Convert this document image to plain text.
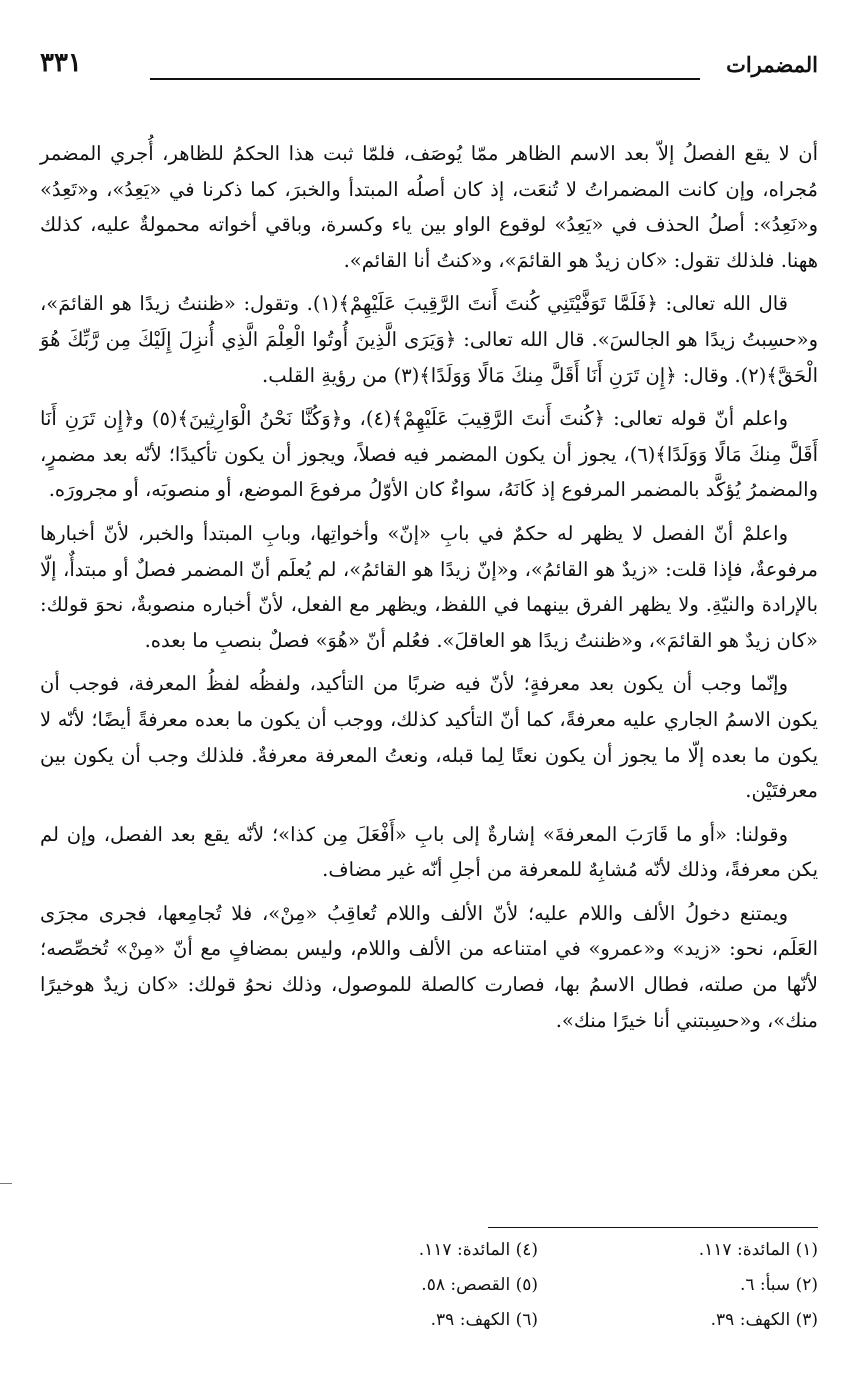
المضمرات
٣٣١

أن لا يقع الفصلُ إلاّ بعد الاسم الظاهر ممّا يُوصَف، فلمّا ثبت هذا الحكمُ للظاهر، أُجري المضمر مُجراه، وإن كانت المضمراتُ لا تُنعَت، إذ كان أصلُه المبتدأ والخبرَ، كما ذكرنا في «يَعِدُ»، و«تَعِدُ» و«نَعِدُ»: أصلُ الحذف في «يَعِدُ» لوقوع الواو بين ياء وكسرة، وباقي أخواته محمولةٌ عليه، كذلك ههنا. فلذلك تقول: «كان زيدٌ هو القائمَ»، و«كنتُ أنا القائم».

قال الله تعالى: ﴿فَلَمَّا تَوَفَّيْتَنِي كُنتَ أَنتَ الرَّقِيبَ عَلَيْهِمْ﴾(١). وتقول: «ظننتُ زيدًا هو القائمَ»، و«حسِبتُ زيدًا هو الجالسَ». قال الله تعالى: ﴿وَيَرَى الَّذِينَ أُوتُوا الْعِلْمَ الَّذِي أُنزِلَ إِلَيْكَ مِن رَّبِّكَ هُوَ الْحَقَّ﴾(٢). وقال: ﴿إِن تَرَنِ أَنَا أَقَلَّ مِنكَ مَالًا وَوَلَدًا﴾(٣) من رؤيةِ القلب.

واعلم أنّ قوله تعالى: ﴿كُنتَ أَنتَ الرَّقِيبَ عَلَيْهِمْ﴾(٤)، و﴿وَكُنَّا نَحْنُ الْوَارِثِينَ﴾(٥) و﴿إِن تَرَنِ أَنَا أَقَلَّ مِنكَ مَالًا وَوَلَدًا﴾(٦)، يجوز أن يكون المضمر فيه فصلاً، ويجوز أن يكون تأكيدًا؛ لأنّه بعد مضمرٍ، والمضمرُ يُؤكَّد بالمضمر المرفوع إذ كَانَهُ، سواءٌ كان الأوّلُ مرفوعَ الموضع، أو منصوبَه، أو مجرورَه.

واعلمْ أنّ الفصل لا يظهر له حكمٌ في بابِ «إنّ» وأخواتِها، وبابِ المبتدأ والخبر، لأنّ أخبارها مرفوعةٌ، فإذا قلت: «زيدٌ هو القائمُ»، و«إنّ زيدًا هو القائمُ»، لم يُعلَم أنّ المضمر فصلٌ أو مبتدأٌ، إلّا بالإرادة والنيّةِ. ولا يظهر الفرق بينهما في اللفظ، ويظهر مع الفعل، لأنّ أخباره منصوبةٌ، نحوَ قولك: «كان زيدٌ هو القائمَ»، و«ظننتُ زيدًا هو العاقلَ». فعُلم أنّ «هُوَ» فصلٌ بنصبِ ما بعده.

وإنّما وجب أن يكون بعد معرفةٍ؛ لأنّ فيه ضربًا من التأكيد، ولفظُه لفظُ المعرفة، فوجب أن يكون الاسمُ الجاري عليه معرفةً، كما أنّ التأكيد كذلك، ووجب أن يكون ما بعده معرفةً أيضًا؛ لأنّه لا يكون ما بعده إلّا ما يجوز أن يكون نعتًا لِما قبله، ونعتُ المعرفة معرفةٌ. فلذلك وجب أن يكون بين معرفتَيْن.

وقولنا: «أو ما قَارَبَ المعرفةَ» إشارةٌ إلى بابِ «أَفْعَلَ مِن كذا»؛ لأنّه يقع بعد الفصل، وإن لم يكن معرفةً، وذلك لأنّه مُشابِهٌ للمعرفة من أجلِ أنّه غير مضاف.

ويمتنع دخولُ الألف واللام عليه؛ لأنّ الألف واللام تُعاقِبُ «مِنْ»، فلا تُجامِعها، فجرى مجرَى العَلَم، نحو: «زيد» و«عمرو» في امتناعه من الألف واللام، وليس بمضافٍ مع أنّ «مِنْ» تُخصِّصه؛ لأنّها من صلته، فطال الاسمُ بها، فصارت كالصلة للموصول، وذلك نحوُ قولك: «كان زيدٌ هوخيرًا منك»، و«حسِبتني أنا خيرًا منك».

(١) المائدة: ١١٧.
(٢) سبأ: ٦.
(٣) الكهف: ٣٩.
(٤) المائدة: ١١٧.
(٥) القصص: ٥٨.
(٦) الكهف: ٣٩.
